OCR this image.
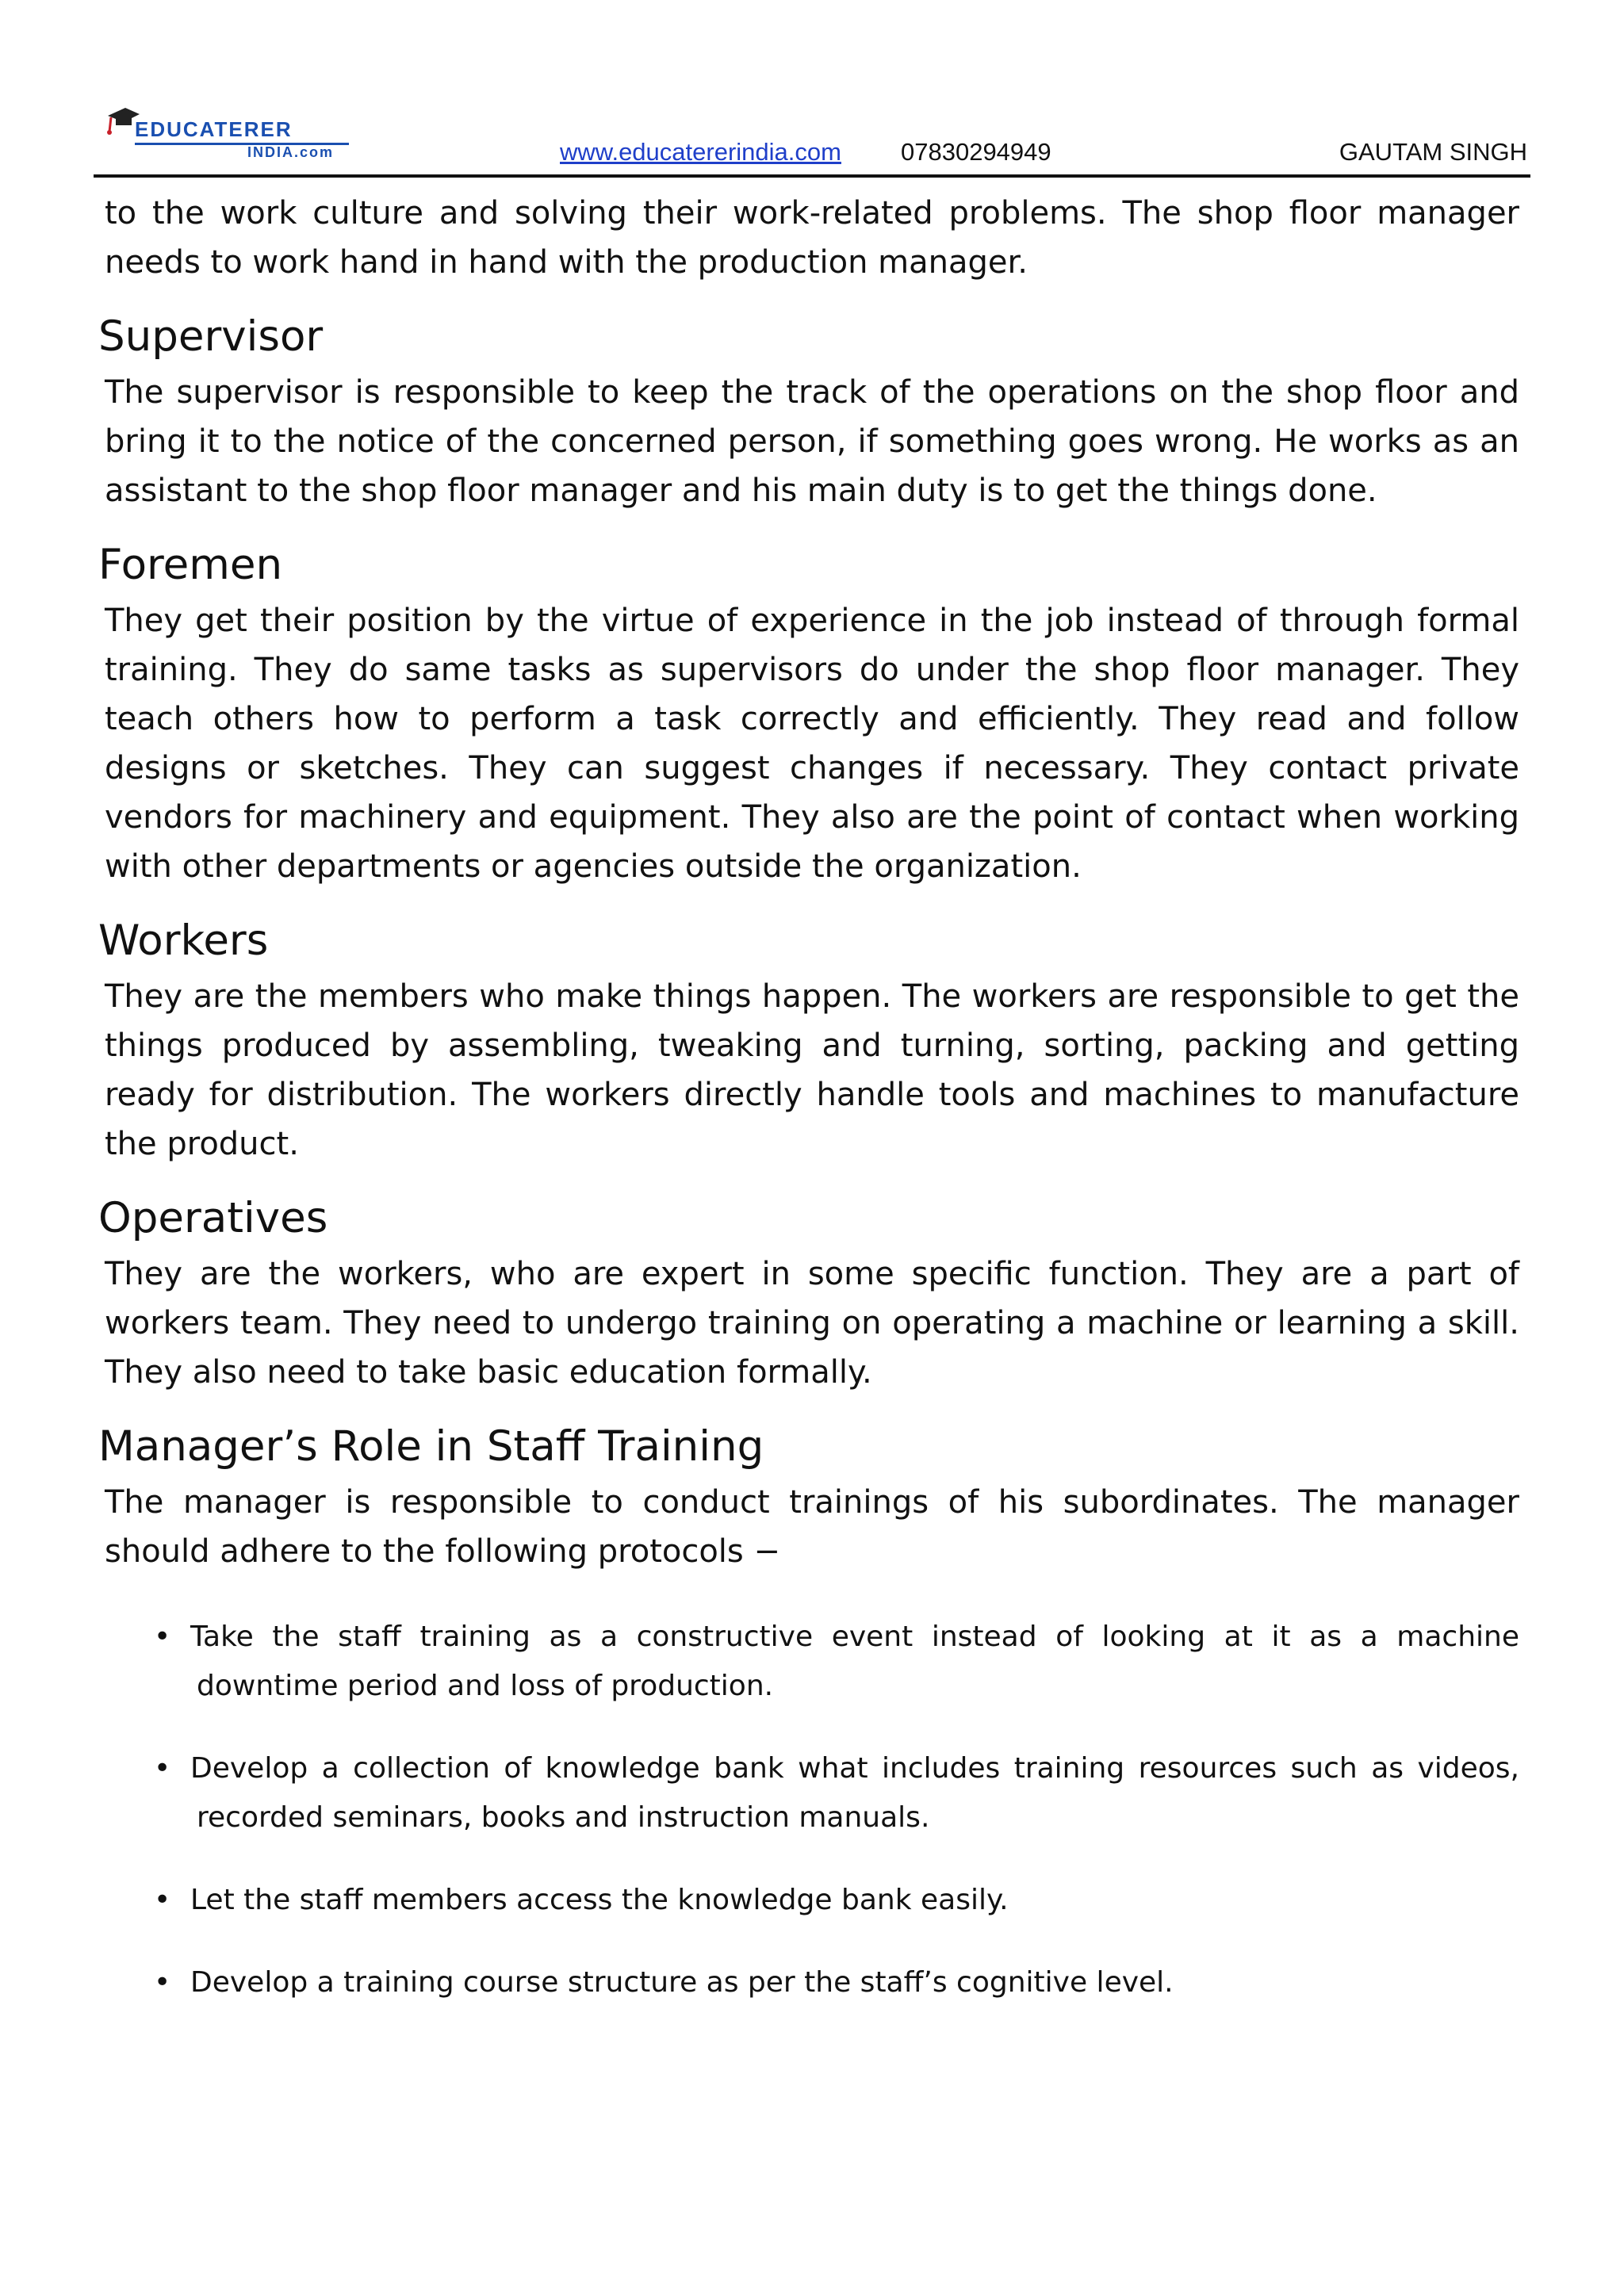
EDUCATERER
INDIA.com	www.educatererindia.com 07830294949	GAUTAM SINGH

to the work culture and solving their work-related problems. The shop floor manager needs to work hand in hand with the production manager.

Supervisor

The supervisor is responsible to keep the track of the operations on the shop floor and bring it to the notice of the concerned person, if something goes wrong. He works as an assistant to the shop floor manager and his main duty is to get the things done.

Foremen

They get their position by the virtue of experience in the job instead of through formal training. They do same tasks as supervisors do under the shop floor manager. They teach others how to perform a task correctly and efficiently. They read and follow designs or sketches. They can suggest changes if necessary. They contact private vendors for machinery and equipment. They also are the point of contact when working with other departments or agencies outside the organization.

Workers

They are the members who make things happen. The workers are responsible to get the things produced by assembling, tweaking and turning, sorting, packing and getting ready for distribution. The workers directly handle tools and machines to manufacture the product.

Operatives

They are the workers, who are expert in some specific function. They are a part of workers team. They need to undergo training on operating a machine or learning a skill. They also need to take basic education formally.

Manager’s Role in Staff Training

The manager is responsible to conduct trainings of his subordinates. The manager should adhere to the following protocols −

• Take the staff training as a constructive event instead of looking at it as a machine downtime period and loss of production.
• Develop a collection of knowledge bank what includes training resources such as videos, recorded seminars, books and instruction manuals.
• Let the staff members access the knowledge bank easily.
• Develop a training course structure as per the staff’s cognitive level.
